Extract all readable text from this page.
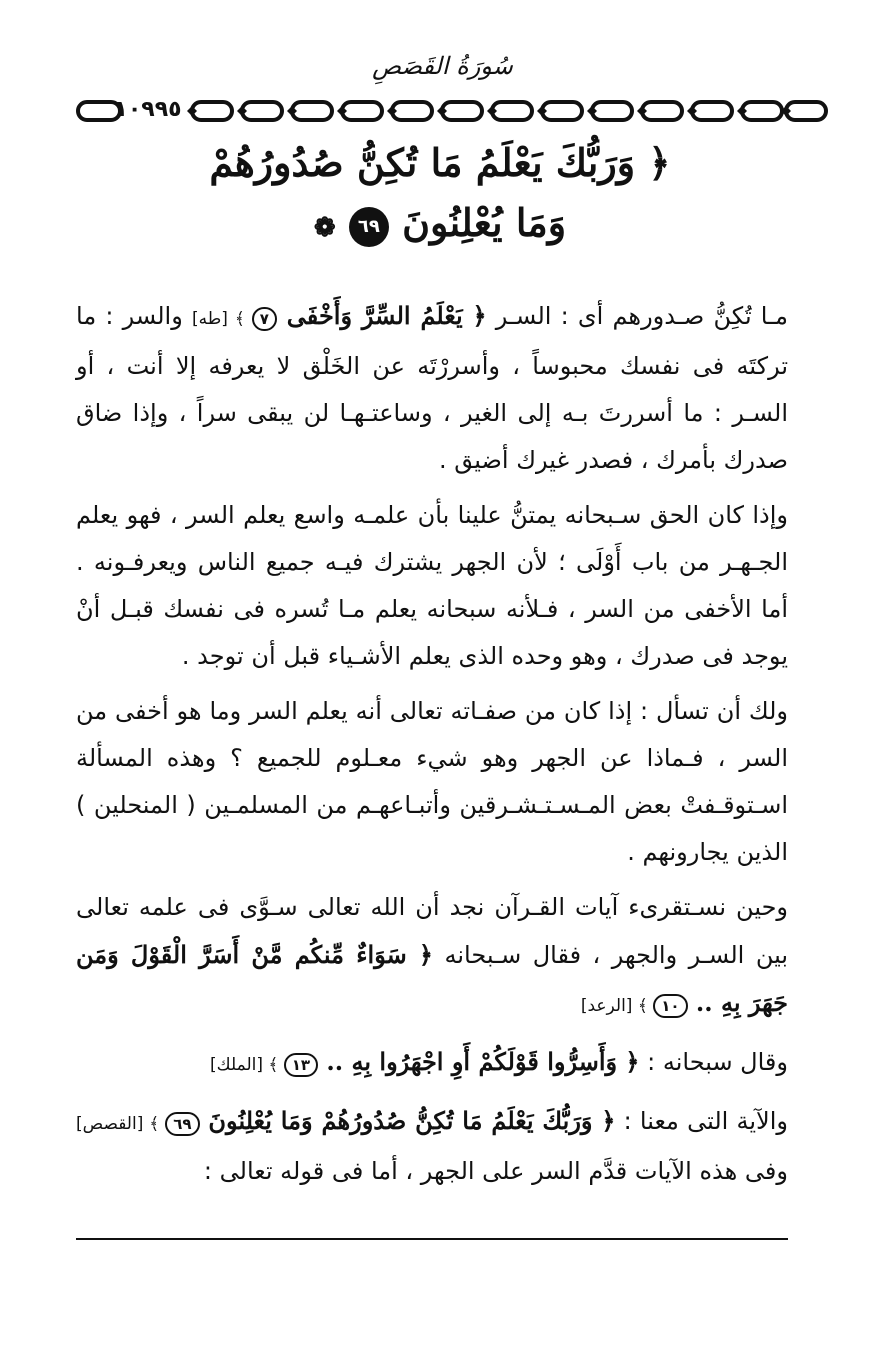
سُورَةُ القَصَصِ
١٠٩٩٥
﴿ وَرَبُّكَ يَعْلَمُ مَا تُكِنُّ صُدُورُهُمْ
وَمَا يُعْلِنُونَ ٦٩ ❁

مـا تُكِنُّ صـدورهم أى : السـر ﴿ يَعْلَمُ السِّرَّ وَأَخْفَى ٧ ﴾ [طه] والسر : ما تركتَه فى نفسك محبوساً ، وأسررْتَه عن الخَلْق لا يعرفه إلا أنت ، أو السـر : ما أسررتَ بـه إلى الغير ، وساعتـهـا لن يبقى سراً ، وإذا ضاق صدرك بأمرك ، فصدر غيرك أضيق .

وإذا كان الحق سـبحانه يمتنُّ علينا بأن علمـه واسع يعلم السر ، فهو يعلم الجـهـر من باب أَوْلَى ؛ لأن الجهر يشترك فيـه جميع الناس ويعرفـونه . أما الأخفى من السر ، فـلأنه سبحانه يعلم مـا تُسره فى نفسك قبـل أنْ يوجد فى صدرك ، وهو وحده الذى يعلم الأشـياء قبل أن توجد .

ولك أن تسأل : إذا كان من صفـاته تعالى أنه يعلم السر وما هو أخفى من السر ، فـماذا عن الجهر وهو شيء معـلوم للجميع ؟ وهذه المسألة اسـتوقـفتْ بعض المـسـتـشـرقين وأتبـاعهـم من المسلمـين ( المنحلين ) الذين يجارونهم .

وحين نسـتقرىء آيات القـرآن نجد أن الله تعالى سـوَّى فى علمه تعالى بين السـر والجهر ، فقال سـبحانه ﴿ سَوَاءٌ مِّنكُم مَّنْ أَسَرَّ الْقَوْلَ وَمَن جَهَرَ بِهِ .. ١٠ ﴾ [الرعد]

وقال سبحانه : ﴿ وَأَسِرُّوا قَوْلَكُمْ أَوِ اجْهَرُوا بِهِ .. ١٣ ﴾ [الملك]

والآية التى معنا : ﴿ وَرَبُّكَ يَعْلَمُ مَا تُكِنُّ صُدُورُهُمْ وَمَا يُعْلِنُونَ ٦٩ ﴾ [القصص] وفى هذه الآيات قدَّم السر على الجهر ، أما فى قوله تعالى :
